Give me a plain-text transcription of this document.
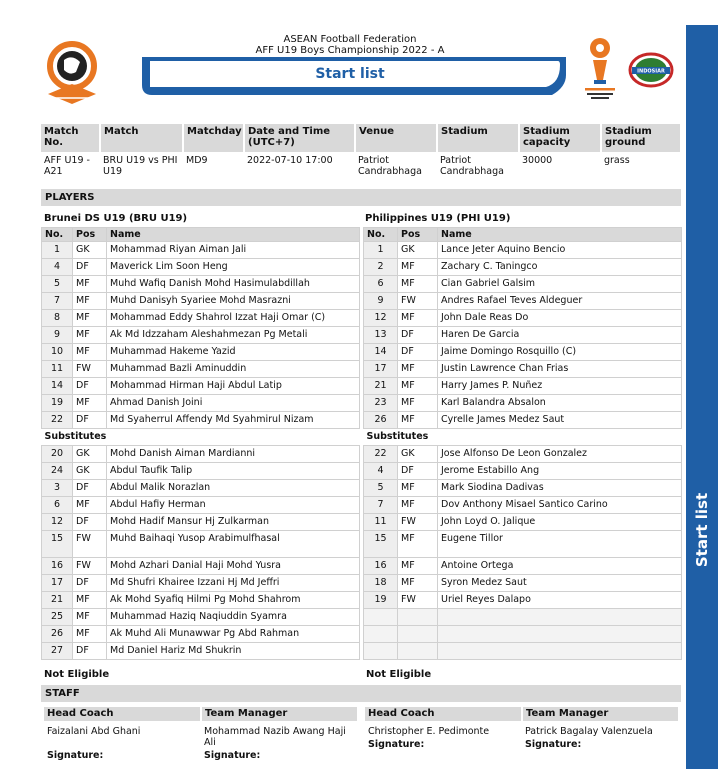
Start list
ASEAN Football Federation
AFF U19 Boys Championship 2022 - A
Start list	INDOSIAR
Match No.	Match	Matchday	Date and Time (UTC+7)	Venue	Stadium	Stadium capacity	Stadium ground
AFF U19 - A21	BRU U19 vs PHI U19	MD9	2022-07-10 17:00	Patriot Candrabhaga	Patriot Candrabhaga	30000	grass
PLAYERS
Brunei DS U19 (BRU U19)	Philippines U19 (PHI U19)
No.	Pos	Name
1	GK	Mohammad Riyan Aiman Jali
4	DF	Maverick Lim Soon Heng
5	MF	Muhd Wafiq Danish Mohd Hasimulabdillah
7	MF	Muhd Danisyh Syariee Mohd Masrazni
8	MF	Mohammad Eddy Shahrol Izzat Haji Omar (C)
9	MF	Ak Md Idzzaham Aleshahmezan Pg Metali
10	MF	Muhammad Hakeme Yazid
11	FW	Muhammad Bazli Aminuddin
14	DF	Mohammad Hirman Haji Abdul Latip
19	MF	Ahmad Danish Joini
22	DF	Md Syaherrul Affendy Md Syahmirul Nizam
Substitutes		
20	GK	Mohd Danish Aiman Mardianni
24	GK	Abdul Taufik Talip
3	DF	Abdul Malik Norazlan
6	MF	Abdul Hafiy Herman
12	DF	Mohd Hadif Mansur Hj Zulkarman
15	FW	Muhd Baihaqi Yusop Arabimulfhasal
16	FW	Mohd Azhari Danial Haji Mohd Yusra
17	DF	Md Shufri Khairee Izzani Hj Md Jeffri
21	MF	Ak Mohd Syafiq Hilmi Pg Mohd Shahrom
25	MF	Muhammad Haziq Naqiuddin Syamra
26	MF	Ak Muhd Ali Munawwar Pg Abd Rahman
27	DF	Md Daniel Hariz Md Shukrin
No.	Pos	Name
1	GK	Lance Jeter Aquino Bencio
2	MF	Zachary C. Taningco
6	MF	Cian Gabriel Galsim
9	FW	Andres Rafael Teves Aldeguer
12	MF	John Dale Reas Do
13	DF	Haren De Garcia
14	DF	Jaime Domingo Rosquillo (C)
17	MF	Justin Lawrence Chan Frias
21	MF	Harry James P. Nuñez
23	MF	Karl Balandra Absalon
26	MF	Cyrelle James Medez Saut
Substitutes		
22	GK	Jose Alfonso De Leon Gonzalez
4	DF	Jerome Estabillo Ang
5	MF	Mark Siodina Dadivas
7	MF	Dov Anthony Misael Santico Carino
11	FW	John Loyd O. Jalique
15	MF	Eugene Tillor
16	MF	Antoine Ortega
18	MF	Syron Medez Saut
19	FW	Uriel Reyes Dalapo

Not Eligible	Not Eligible
STAFF
Head Coach	Team Manager
Faizalani Abd Ghani	Mohammad Nazib Awang Haji Ali
Signature:	Signature:
Head Coach	Team Manager
Christopher E. Pedimonte	Patrick Bagalay Valenzuela
Signature:	Signature:
